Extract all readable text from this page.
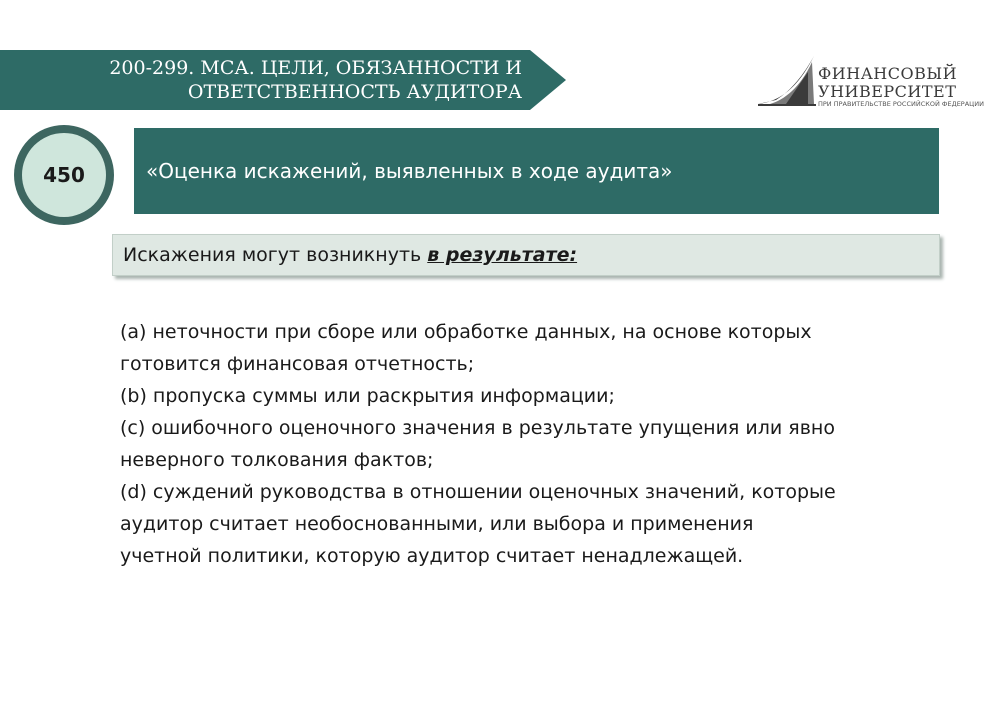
200-299. МСА. ЦЕЛИ, ОБЯЗАННОСТИ И
ОТВЕТСТВЕННОСТЬ АУДИТОРА
ФИНАНСОВЫЙ
УНИВЕРСИТЕТ
ПРИ ПРАВИТЕЛЬСТВЕ РОССИЙСКОЙ ФЕДЕРАЦИИ
450	«Оценка искажений, выявленных в ходе аудита»
Искажения могут возникнуть в результате:
(a) неточности при сборе или обработке данных, на основе которых
готовится финансовая отчетность;
(b) пропуска суммы или раскрытия информации;
(c) ошибочного оценочного значения в результате упущения или явно
неверного толкования фактов;
(d) суждений руководства в отношении оценочных значений, которые
аудитор считает необоснованными, или выбора и применения
учетной политики, которую аудитор считает ненадлежащей.
